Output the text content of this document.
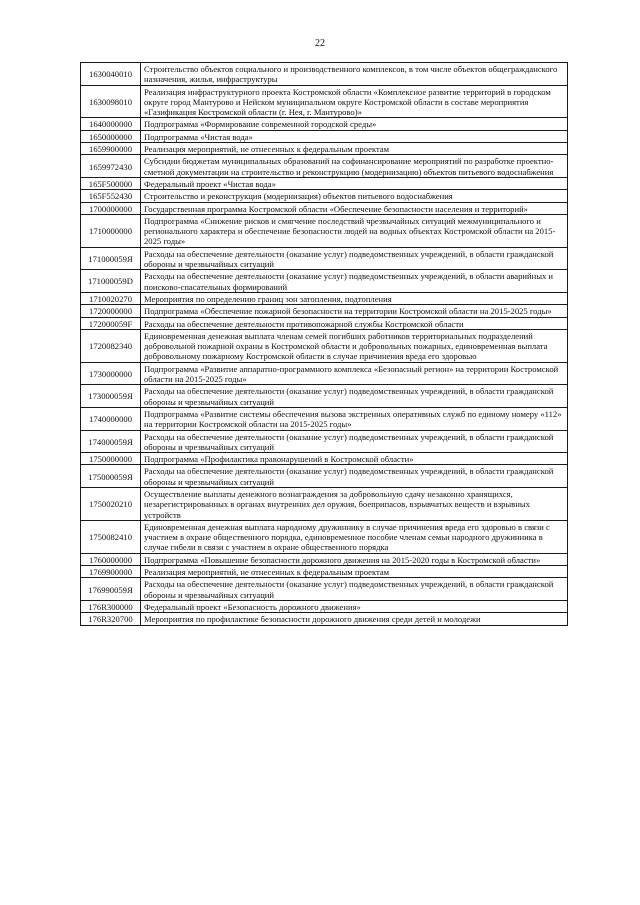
22
1630040010	Строительство объектов социального и производственного комплексов, в том числе объектов общегражданского назначения, жилья, инфраструктуры
1630098010	Реализация инфраструктурного проекта Костромской области «Комплексное развитие территорий в городском округе город Мантурово и Нейском муниципальном округе Костромской области в составе мероприятия «Газификация Костромской области (г. Нея, г. Мантурово)»
1640000000	Подпрограмма «Формирование современной городской среды»
1650000000	Подпрограмма «Чистая вода»
1659900000	Реализация мероприятий, не отнесенных к федеральным проектам
1659972430	Субсидии бюджетам муниципальных образований на софинансирование мероприятий по разработке проектно-сметной документации на строительство и реконструкцию (модернизацию) объектов питьевого водоснабжения
165F500000	Федеральный проект «Чистая вода»
165F552430	Строительство и реконструкция (модернизация) объектов питьевого водоснабжения
1700000000	Государственная программа Костромской области «Обеспечение безопасности населения и территорий»
1710000000	Подпрограмма «Снижение рисков и смягчение последствий чрезвычайных ситуаций межмуниципального и регионального характера и обеспечение безопасности людей на водных объектах Костромской области на 2015-2025 годы»
171000059Я	Расходы на обеспечение деятельности (оказание услуг) подведомственных учреждений, в области гражданской обороны и чрезвычайных ситуаций
171000059D	Расходы на обеспечение деятельности (оказание услуг) подведомственных учреждений, в области аварийных и поисково-спасательных формирований
1710020270	Мероприятия по определению границ зон затопления, подтопления
1720000000	Подпрограмма «Обеспечение пожарной безопасности на территории Костромской области на 2015-2025 годы»
172000059F	Расходы на обеспечение деятельности противопожарной службы Костромской области
1720082340	Единовременная денежная выплата членам семей погибших работников территориальных подразделений добровольной пожарной охраны в Костромской области и добровольных пожарных, единовременная выплата добровольному пожарному Костромской области в случае причинения вреда его здоровью
1730000000	Подпрограмма «Развитие аппаратно-программного комплекса «Безопасный регион» на территории Костромской области на 2015-2025 годы»
173000059Я	Расходы на обеспечение деятельности (оказание услуг) подведомственных учреждений, в области гражданской обороны и чрезвычайных ситуаций
1740000000	Подпрограмма «Развитие системы обеспечения вызова экстренных оперативных служб по единому номеру «112» на территории Костромской области на 2015-2025 годы»
174000059Я	Расходы на обеспечение деятельности (оказание услуг) подведомственных учреждений, в области гражданской обороны и чрезвычайных ситуаций
1750000000	Подпрограмма «Профилактика правонарушений в Костромской области»
175000059Я	Расходы на обеспечение деятельности (оказание услуг) подведомственных учреждений, в области гражданской обороны и чрезвычайных ситуаций
1750020210	Осуществление выплаты денежного вознаграждения за добровольную сдачу незаконно хранящихся, незарегистрированных в органах внутренних дел оружия, боеприпасов, взрывчатых веществ и взрывных устройств
1750082410	Единовременная денежная выплата народному дружиннику в случае причинения вреда его здоровью в связи с участием в охране общественного порядка, единовременное пособие членам семьи народного дружинника в случае гибели в связи с участием в охране общественного порядка
1760000000	Подпрограмма «Повышение безопасности дорожного движения на 2015-2020 годы в Костромской области»
1769900000	Реализация мероприятий, не отнесенных к федеральным проектам
176990059Я	Расходы на обеспечение деятельности (оказание услуг) подведомственных учреждений, в области гражданской обороны и чрезвычайных ситуаций
176R300000	Федеральный проект «Безопасность дорожного движения»
176R320700	Мероприятия по профилактике безопасности дорожного движения среди детей и молодежи
